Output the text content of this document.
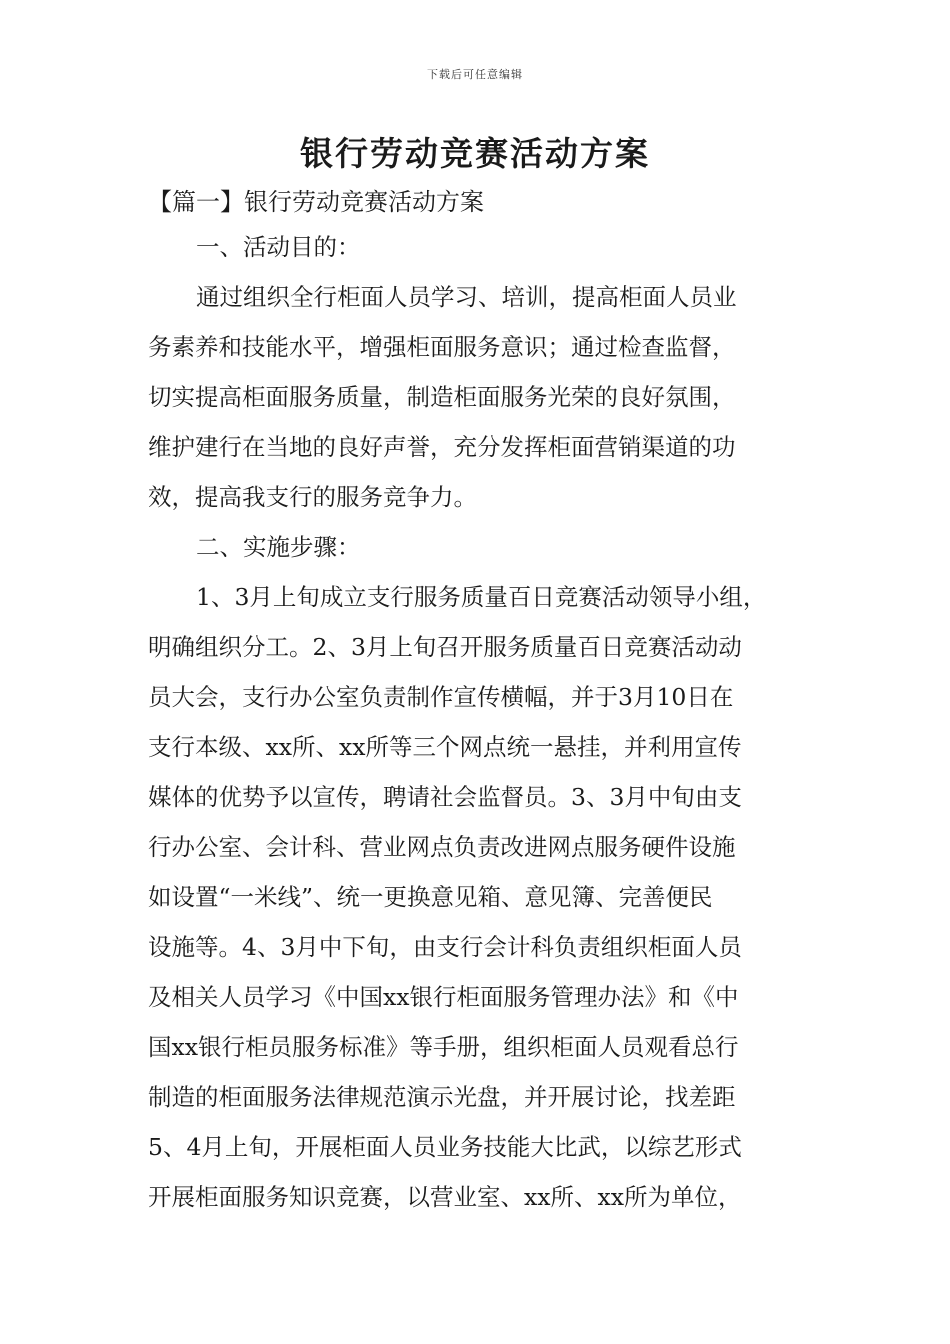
下载后可任意编辑
银行劳动竞赛活动方案
【篇一】银行劳动竞赛活动方案
一、活动目的：
通过组织全行柜面人员学习、培训，提高柜面人员业
务素养和技能水平，增强柜面服务意识；通过检查监督，
切实提高柜面服务质量，制造柜面服务光荣的良好氛围，
维护建行在当地的良好声誉，充分发挥柜面营销渠道的功
效，提高我支行的服务竞争力。
二、实施步骤：
1、3月上旬成立支行服务质量百日竞赛活动领导小组，
明确组织分工。2、3月上旬召开服务质量百日竞赛活动动
员大会，支行办公室负责制作宣传横幅，并于3月10日在
支行本级、xx所、xx所等三个网点统一悬挂，并利用宣传
媒体的优势予以宣传，聘请社会监督员。3、3月中旬由支
行办公室、会计科、营业网点负责改进网点服务硬件设施
如设置“一米线”、统一更换意见箱、意见簿、完善便民
设施等。4、3月中下旬，由支行会计科负责组织柜面人员
及相关人员学习《中国xx银行柜面服务管理办法》和《中
国xx银行柜员服务标准》等手册，组织柜面人员观看总行
制造的柜面服务法律规范演示光盘，并开展讨论，找差距
5、4月上旬，开展柜面人员业务技能大比武，以综艺形式
开展柜面服务知识竞赛，以营业室、xx所、xx所为单位，
